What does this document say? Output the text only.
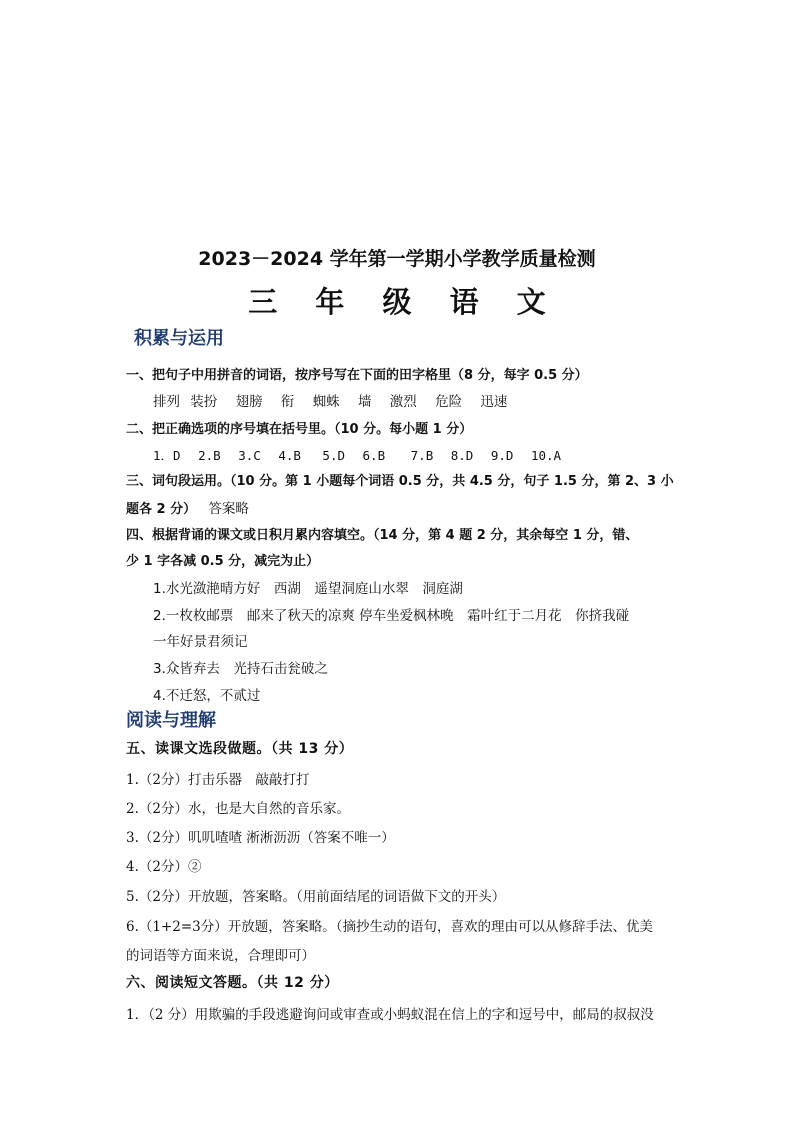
2023－2024 学年第一学期小学教学质量检测
三 年 级 语 文
积累与运用
一、把句子中用拼音的词语，按序号写在下面的田字格里（8 分，每字 0.5 分）
排列 装扮 翅膀 衔 蜘蛛 墙 激烈 危险 迅速
二、把正确选项的序号填在括号里。（10 分。每小题 1 分）
1．D 2.B 3.C 4.B 5.D 6.B 7.B 8.D 9.D 10.A
三、词句段运用。（10 分。第 1 小题每个词语 0.5 分，共 4.5 分，句子 1.5 分，第 2、3 小
题各 2 分） 答案略
四、根据背诵的课文或日积月累内容填空。（14 分，第 4 题 2 分，其余每空 1 分，错、
少 1 字各减 0.5 分，减完为止）
1.水光潋滟晴方好　西湖　遥望洞庭山水翠　洞庭湖
2.一枚枚邮票　邮来了秋天的凉爽 停车坐爱枫林晚　霜叶红于二月花　你挤我碰
一年好景君须记
3.众皆弃去　光持石击瓮破之
4.不迁怒，不贰过
阅读与理解
五、读课文选段做题。（共 13 分）
1.（2分）打击乐器　敲敲打打
2.（2分）水，也是大自然的音乐家。
3.（2分）叽叽喳喳 淅淅沥沥（答案不唯一）
4.（2分）②
5.（2分）开放题，答案略。（用前面结尾的词语做下文的开头）
6.（1+2=3分）开放题，答案略。（摘抄生动的语句，喜欢的理由可以从修辞手法、优美
的词语等方面来说，合理即可）
六、阅读短文答题。（共 12 分）
1．（2 分）用欺骗的手段逃避询问或审查或小蚂蚁混在信上的字和逗号中，邮局的叔叔没
